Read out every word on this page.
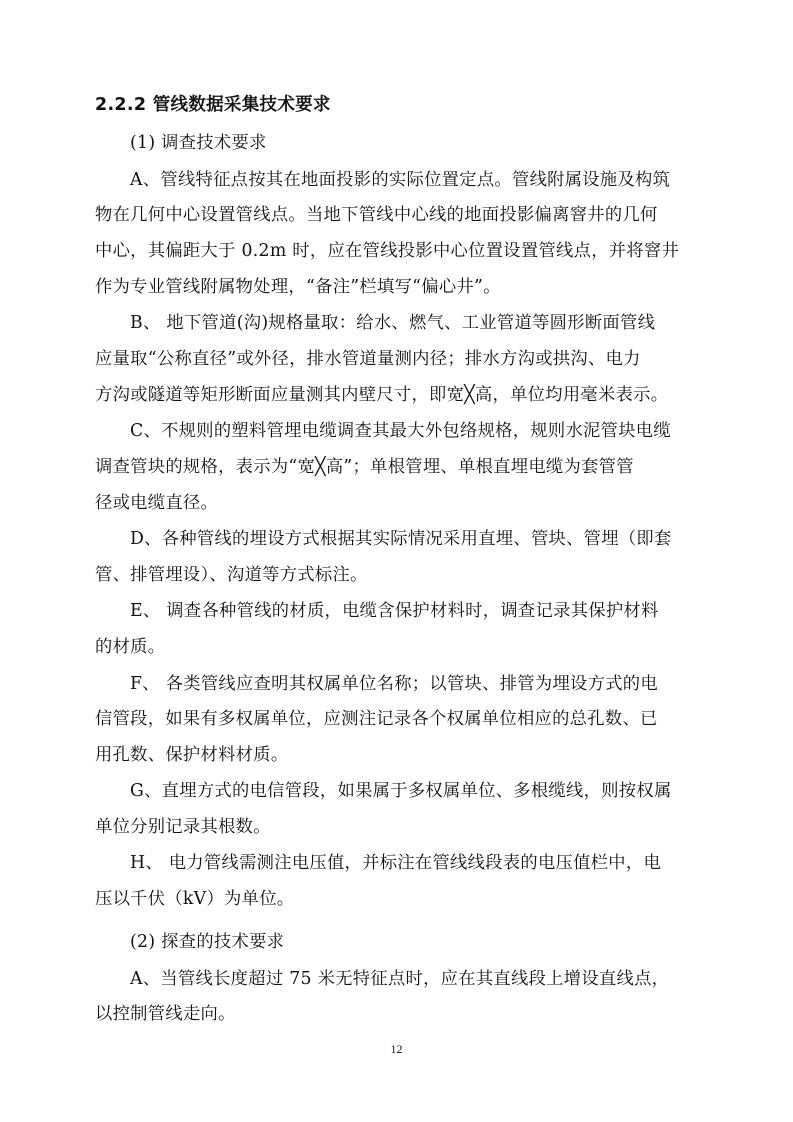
2.2.2 管线数据采集技术要求
(1) 调查技术要求
A、管线特征点按其在地面投影的实际位置定点。管线附属设施及构筑
物在几何中心设置管线点。当地下管线中心线的地面投影偏离窨井的几何
中心，其偏距大于 0.2m 时，应在管线投影中心位置设置管线点，并将窨井
作为专业管线附属物处理，“备注”栏填写“偏心井”。
B、 地下管道(沟)规格量取：给水、燃气、工业管道等圆形断面管线
应量取“公称直径”或外径，排水管道量测内径；排水方沟或拱沟、电力
方沟或隧道等矩形断面应量测其内壁尺寸，即宽╳高，单位均用毫米表示。
C、不规则的塑料管埋电缆调查其最大外包络规格，规则水泥管块电缆
调查管块的规格，表示为“宽╳高”；单根管埋、单根直埋电缆为套管管
径或电缆直径。
D、各种管线的埋设方式根据其实际情况采用直埋、管块、管埋（即套
管、排管埋设）、沟道等方式标注。
E、 调查各种管线的材质，电缆含保护材料时，调查记录其保护材料
的材质。
F、 各类管线应查明其权属单位名称；以管块、排管为埋设方式的电
信管段，如果有多权属单位，应测注记录各个权属单位相应的总孔数、已
用孔数、保护材料材质。
G、直埋方式的电信管段，如果属于多权属单位、多根缆线，则按权属
单位分别记录其根数。
H、 电力管线需测注电压值，并标注在管线线段表的电压值栏中，电
压以千伏（kV）为单位。
(2) 探查的技术要求
A、当管线长度超过 75 米无特征点时，应在其直线段上增设直线点，
以控制管线走向。
12
